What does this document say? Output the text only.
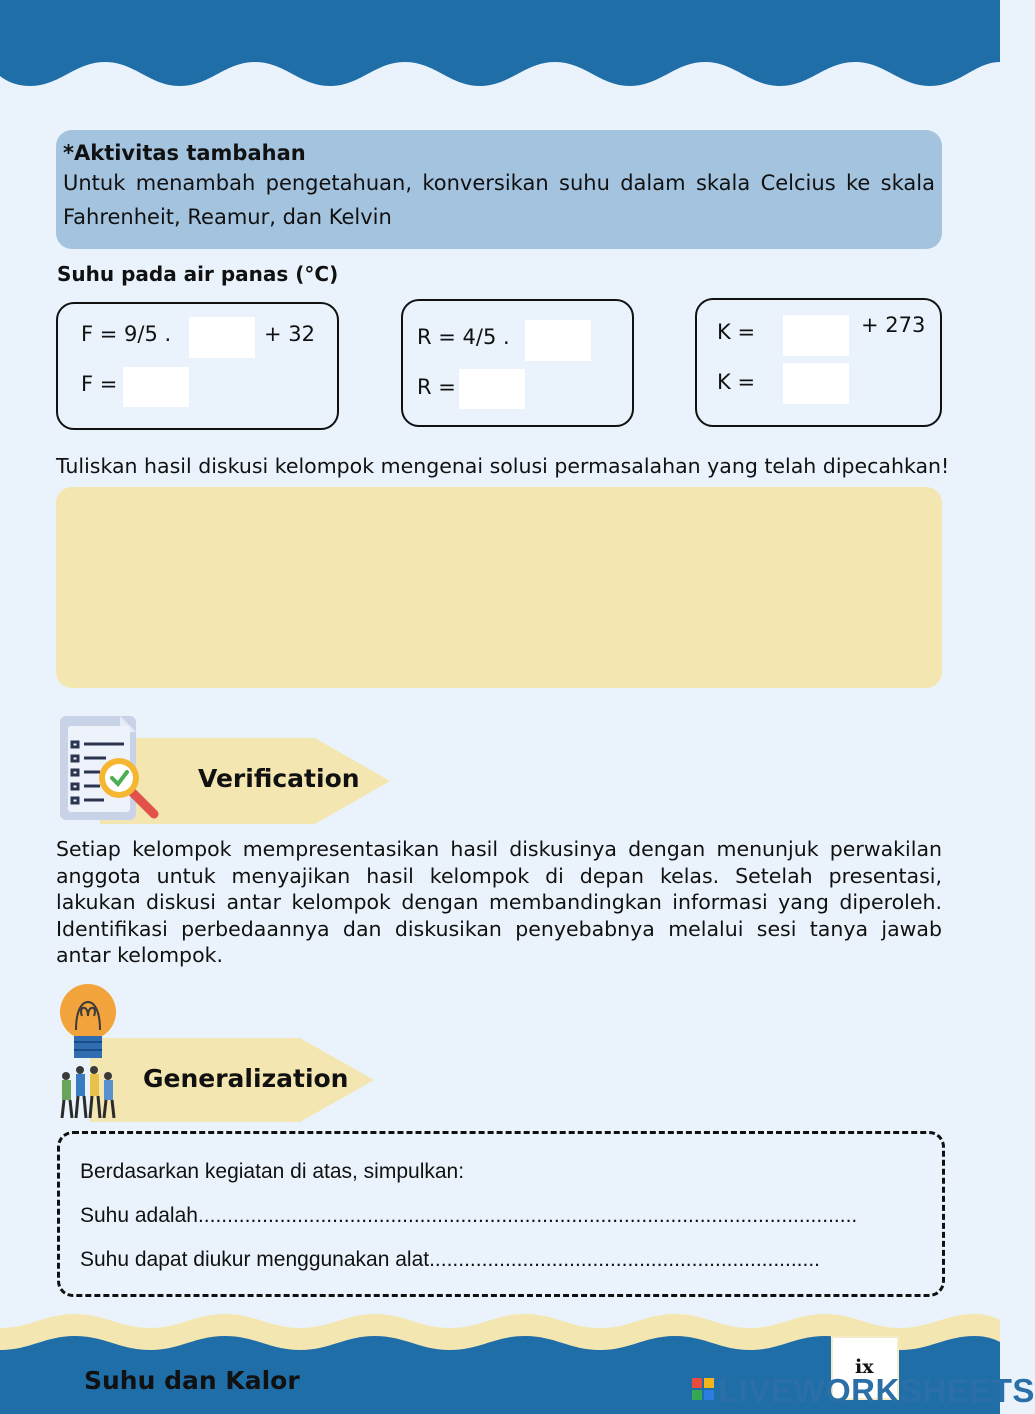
*Aktivitas tambahan
Untuk menambah pengetahuan, konversikan suhu dalam skala Celcius ke skala Fahrenheit, Reamur, dan Kelvin
Suhu pada air panas (°C)
F = 9/5 .	+ 32
F =
R = 4/5 .
R =
K =	+ 273
K =
Tuliskan hasil diskusi kelompok mengenai solusi permasalahan yang telah dipecahkan!
Verification
Setiap kelompok mempresentasikan hasil diskusinya dengan menunjuk perwakilan anggota untuk menyajikan hasil kelompok di depan kelas. Setelah presentasi, lakukan diskusi antar kelompok dengan membandingkan informasi yang diperoleh. Identifikasi perbedaannya dan diskusikan penyebabnya melalui sesi tanya jawab antar kelompok.
Generalization
Berdasarkan kegiatan di atas, simpulkan:
Suhu adalah.................................................................................................................
Suhu dapat diukur menggunakan alat...................................................................
Suhu dan Kalor	ix
LIVEWORKSHEETS
